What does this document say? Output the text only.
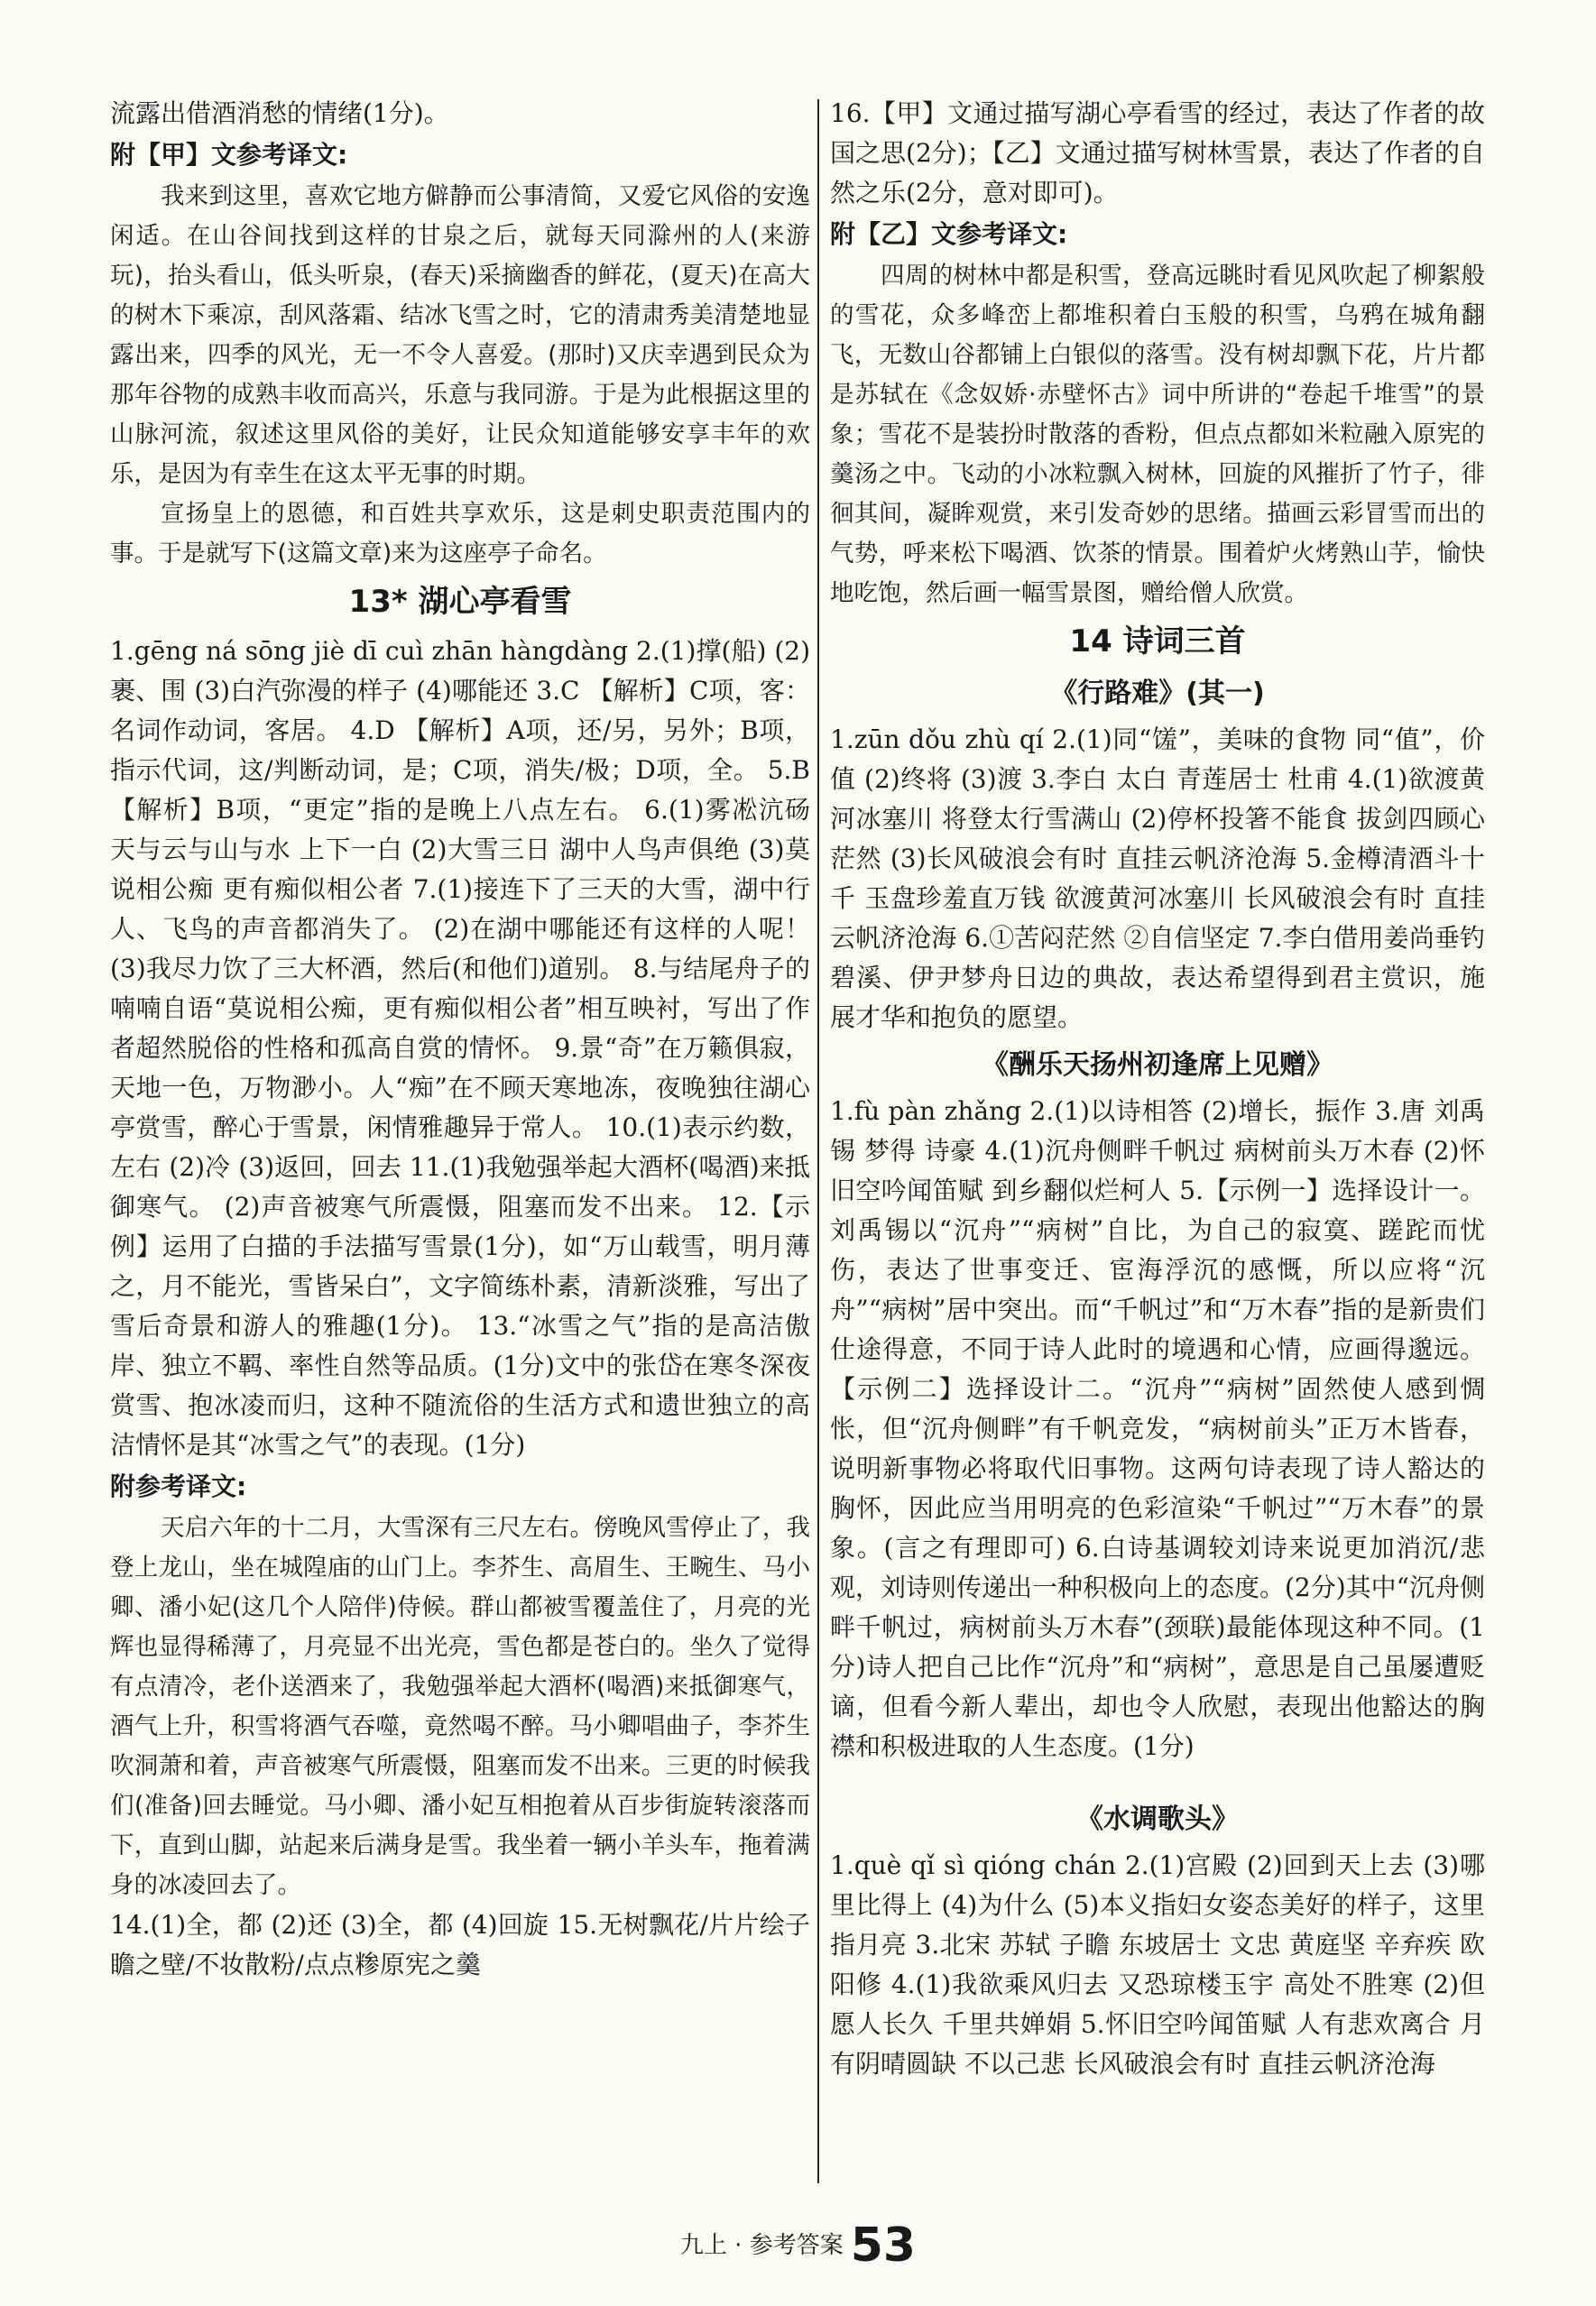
流露出借酒消愁的情绪(1分)。

附【甲】文参考译文:

我来到这里，喜欢它地方僻静而公事清简，又爱它风俗的安逸闲适。在山谷间找到这样的甘泉之后，就每天同滁州的人(来游玩)，抬头看山，低头听泉，(春天)采摘幽香的鲜花，(夏天)在高大的树木下乘凉，刮风落霜、结冰飞雪之时，它的清肃秀美清楚地显露出来，四季的风光，无一不令人喜爱。(那时)又庆幸遇到民众为那年谷物的成熟丰收而高兴，乐意与我同游。于是为此根据这里的山脉河流，叙述这里风俗的美好，让民众知道能够安享丰年的欢乐，是因为有幸生在这太平无事的时期。

宣扬皇上的恩德，和百姓共享欢乐，这是刺史职责范围内的事。于是就写下(这篇文章)来为这座亭子命名。

13* 湖心亭看雪

1.gēng ná sōng jiè dī cuì zhān hàngdàng 2.(1)撑(船) (2)裹、围 (3)白汽弥漫的样子 (4)哪能还 3.C 【解析】C项，客：名词作动词，客居。 4.D 【解析】A项，还/另，另外；B项，指示代词，这/判断动词，是；C项，消失/极；D项，全。 5.B 【解析】B项，“更定”指的是晚上八点左右。 6.(1)雾凇沆砀 天与云与山与水 上下一白 (2)大雪三日 湖中人鸟声俱绝 (3)莫说相公痴 更有痴似相公者 7.(1)接连下了三天的大雪，湖中行人、飞鸟的声音都消失了。 (2)在湖中哪能还有这样的人呢！ (3)我尽力饮了三大杯酒，然后(和他们)道别。 8.与结尾舟子的喃喃自语“莫说相公痴，更有痴似相公者”相互映衬，写出了作者超然脱俗的性格和孤高自赏的情怀。 9.景“奇”在万籁俱寂，天地一色，万物渺小。人“痴”在不顾天寒地冻，夜晚独往湖心亭赏雪，醉心于雪景，闲情雅趣异于常人。 10.(1)表示约数，左右 (2)冷 (3)返回，回去 11.(1)我勉强举起大酒杯(喝酒)来抵御寒气。 (2)声音被寒气所震慑，阻塞而发不出来。 12.【示例】运用了白描的手法描写雪景(1分)，如“万山载雪，明月薄之，月不能光，雪皆呆白”，文字简练朴素，清新淡雅，写出了雪后奇景和游人的雅趣(1分)。 13.“冰雪之气”指的是高洁傲岸、独立不羁、率性自然等品质。(1分)文中的张岱在寒冬深夜赏雪、抱冰凌而归，这种不随流俗的生活方式和遗世独立的高洁情怀是其“冰雪之气”的表现。(1分)

附参考译文:

天启六年的十二月，大雪深有三尺左右。傍晚风雪停止了，我登上龙山，坐在城隍庙的山门上。李芥生、高眉生、王畹生、马小卿、潘小妃(这几个人陪伴)侍候。群山都被雪覆盖住了，月亮的光辉也显得稀薄了，月亮显不出光亮，雪色都是苍白的。坐久了觉得有点清冷，老仆送酒来了，我勉强举起大酒杯(喝酒)来抵御寒气，酒气上升，积雪将酒气吞噬，竟然喝不醉。马小卿唱曲子，李芥生吹洞萧和着，声音被寒气所震慑，阻塞而发不出来。三更的时候我们(准备)回去睡觉。马小卿、潘小妃互相抱着从百步街旋转滚落而下，直到山脚，站起来后满身是雪。我坐着一辆小羊头车，拖着满身的冰凌回去了。

14.(1)全，都 (2)还 (3)全，都 (4)回旋 15.无树飘花/片片绘子瞻之壁/不妆散粉/点点糁原宪之羹

16.【甲】文通过描写湖心亭看雪的经过，表达了作者的故国之思(2分)；【乙】文通过描写树林雪景，表达了作者的自然之乐(2分，意对即可)。

附【乙】文参考译文:

四周的树林中都是积雪，登高远眺时看见风吹起了柳絮般的雪花，众多峰峦上都堆积着白玉般的积雪，乌鸦在城角翻飞，无数山谷都铺上白银似的落雪。没有树却飘下花，片片都是苏轼在《念奴娇·赤壁怀古》词中所讲的“卷起千堆雪”的景象；雪花不是装扮时散落的香粉，但点点都如米粒融入原宪的羹汤之中。飞动的小冰粒飘入树林，回旋的风摧折了竹子，徘徊其间，凝眸观赏，来引发奇妙的思绪。描画云彩冒雪而出的气势，呼来松下喝酒、饮茶的情景。围着炉火烤熟山芋，愉快地吃饱，然后画一幅雪景图，赠给僧人欣赏。

14 诗词三首
《行路难》(其一)

1.zūn dǒu zhù qí 2.(1)同“馐”，美味的食物 同“值”，价值 (2)终将 (3)渡 3.李白 太白 青莲居士 杜甫 4.(1)欲渡黄河冰塞川 将登太行雪满山 (2)停杯投箸不能食 拔剑四顾心茫然 (3)长风破浪会有时 直挂云帆济沧海 5.金樽清酒斗十千 玉盘珍羞直万钱 欲渡黄河冰塞川 长风破浪会有时 直挂云帆济沧海 6.①苦闷茫然 ②自信坚定 7.李白借用姜尚垂钓碧溪、伊尹梦舟日边的典故，表达希望得到君主赏识，施展才华和抱负的愿望。

《酬乐天扬州初逢席上见赠》

1.fù pàn zhǎng 2.(1)以诗相答 (2)增长，振作 3.唐 刘禹锡 梦得 诗豪 4.(1)沉舟侧畔千帆过 病树前头万木春 (2)怀旧空吟闻笛赋 到乡翻似烂柯人 5.【示例一】选择设计一。刘禹锡以“沉舟”“病树”自比，为自己的寂寞、蹉跎而忧伤，表达了世事变迁、宦海浮沉的感慨，所以应将“沉舟”“病树”居中突出。而“千帆过”和“万木春”指的是新贵们仕途得意，不同于诗人此时的境遇和心情，应画得邈远。【示例二】选择设计二。“沉舟”“病树”固然使人感到惆怅，但“沉舟侧畔”有千帆竞发，“病树前头”正万木皆春，说明新事物必将取代旧事物。这两句诗表现了诗人豁达的胸怀，因此应当用明亮的色彩渲染“千帆过”“万木春”的景象。(言之有理即可) 6.白诗基调较刘诗来说更加消沉/悲观，刘诗则传递出一种积极向上的态度。(2分)其中“沉舟侧畔千帆过，病树前头万木春”(颈联)最能体现这种不同。(1分)诗人把自己比作“沉舟”和“病树”，意思是自己虽屡遭贬谪，但看今新人辈出，却也令人欣慰，表现出他豁达的胸襟和积极进取的人生态度。(1分)

《水调歌头》

1.què qǐ sì qióng chán 2.(1)宫殿 (2)回到天上去 (3)哪里比得上 (4)为什么 (5)本义指妇女姿态美好的样子，这里指月亮 3.北宋 苏轼 子瞻 东坡居士 文忠 黄庭坚 辛弃疾 欧阳修 4.(1)我欲乘风归去 又恐琼楼玉宇 高处不胜寒 (2)但愿人长久 千里共婵娟 5.怀旧空吟闻笛赋 人有悲欢离合 月有阴晴圆缺 不以己悲 长风破浪会有时 直挂云帆济沧海

九上 · 参考答案 53
